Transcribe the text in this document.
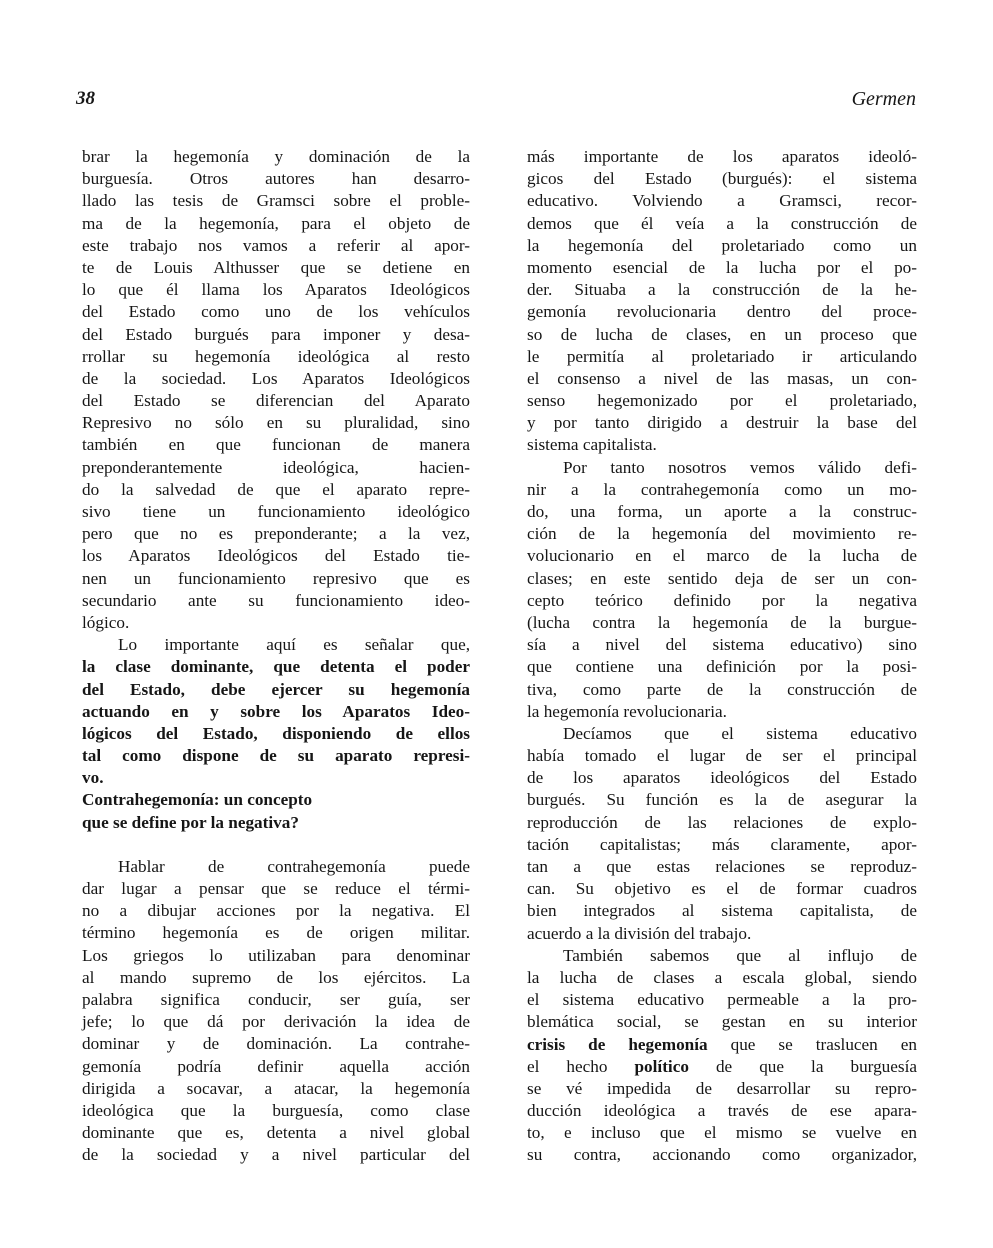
38	Germen
brar la hegemonía y dominación de la
burguesía. Otros autores han desarro-
llado las tesis de Gramsci sobre el proble-
ma de la hegemonía, para el objeto de
este trabajo nos vamos a referir al apor-
te de Louis Althusser que se detiene en
lo que él llama los Aparatos Ideológicos
del Estado como uno de los vehículos
del Estado burgués para imponer y desa-
rrollar su hegemonía ideológica al resto
de la sociedad. Los Aparatos Ideológicos
del Estado se diferencian del Aparato
Represivo no sólo en su pluralidad, sino
también en que funcionan de manera
preponderantemente ideológica, hacien-
do la salvedad de que el aparato repre-
sivo tiene un funcionamiento ideológico
pero que no es preponderante; a la vez,
los Aparatos Ideológicos del Estado tie-
nen un funcionamiento represivo que es
secundario ante su funcionamiento ideo-
lógico.
Lo importante aquí es señalar que,
la clase dominante, que detenta el poder
del Estado, debe ejercer su hegemonía
actuando en y sobre los Aparatos Ideo-
lógicos del Estado, disponiendo de ellos
tal como dispone de su aparato represi-
vo.
Contrahegemonía: un concepto
que se define por la negativa?
Hablar de contrahegemonía puede
dar lugar a pensar que se reduce el térmi-
no a dibujar acciones por la negativa. El
término hegemonía es de origen militar.
Los griegos lo utilizaban para denominar
al mando supremo de los ejércitos. La
palabra significa conducir, ser guía, ser
jefe; lo que dá por derivación la idea de
dominar y de dominación. La contrahe-
gemonía podría definir aquella acción
dirigida a socavar, a atacar, la hegemonía
ideológica que la burguesía, como clase
dominante que es, detenta a nivel global
de la sociedad y a nivel particular del
más importante de los aparatos ideoló-
gicos del Estado (burgués): el sistema
educativo. Volviendo a Gramsci, recor-
demos que él veía a la construcción de
la hegemonía del proletariado como un
momento esencial de la lucha por el po-
der. Situaba a la construcción de la he-
gemonía revolucionaria dentro del proce-
so de lucha de clases, en un proceso que
le permitía al proletariado ir articulando
el consenso a nivel de las masas, un con-
senso hegemonizado por el proletariado,
y por tanto dirigido a destruir la base del
sistema capitalista.
Por tanto nosotros vemos válido defi-
nir a la contrahegemonía como un mo-
do, una forma, un aporte a la construc-
ción de la hegemonía del movimiento re-
volucionario en el marco de la lucha de
clases; en este sentido deja de ser un con-
cepto teórico definido por la negativa
(lucha contra la hegemonía de la burgue-
sía a nivel del sistema educativo) sino
que contiene una definición por la posi-
tiva, como parte de la construcción de
la hegemonía revolucionaria.
Decíamos que el sistema educativo
había tomado el lugar de ser el principal
de los aparatos ideológicos del Estado
burgués. Su función es la de asegurar la
reproducción de las relaciones de explo-
tación capitalistas; más claramente, apor-
tan a que estas relaciones se reproduz-
can. Su objetivo es el de formar cuadros
bien integrados al sistema capitalista, de
acuerdo a la división del trabajo.
También sabemos que al influjo de
la lucha de clases a escala global, siendo
el sistema educativo permeable a la pro-
blemática social, se gestan en su interior
crisis de hegemonía que se traslucen en
el hecho político de que la burguesía
se vé impedida de desarrollar su repro-
ducción ideológica a través de ese apara-
to, e incluso que el mismo se vuelve en
su contra, accionando como organizador,
